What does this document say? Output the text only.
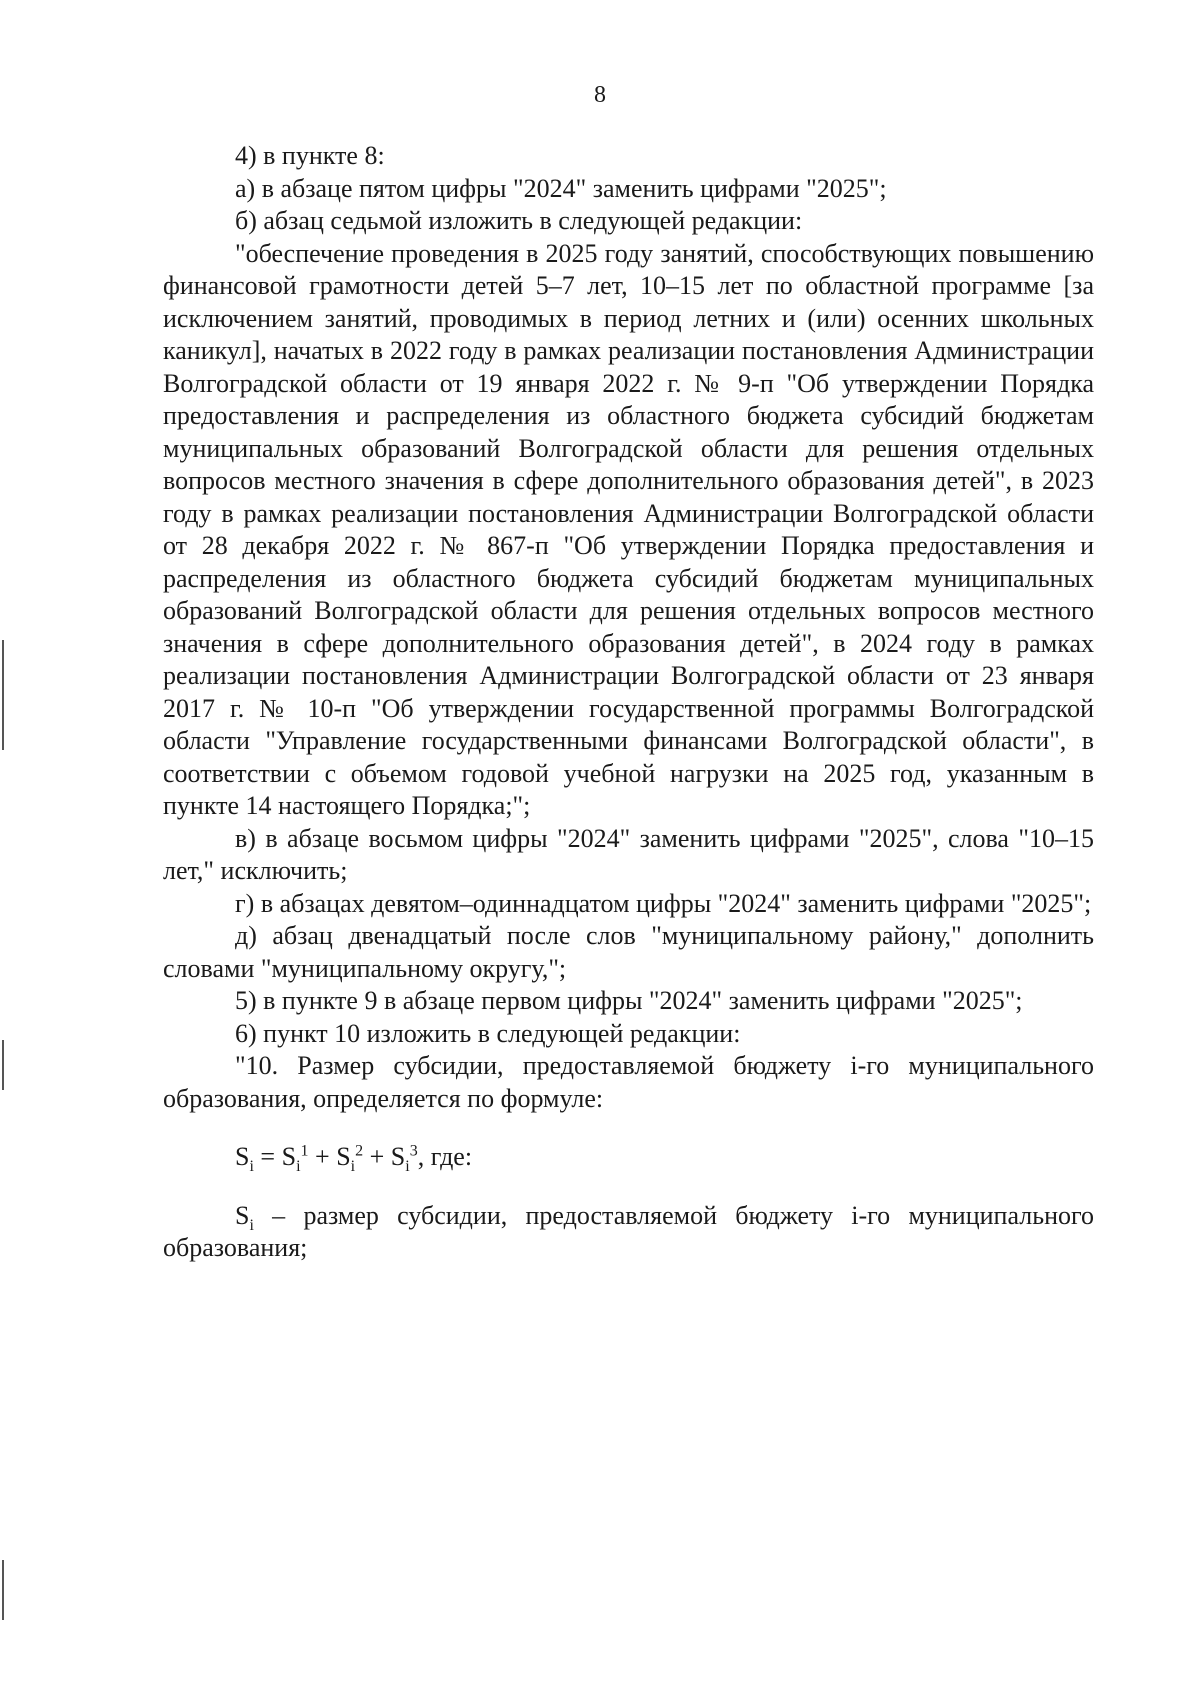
8

4) в пункте 8:

а) в абзаце пятом цифры "2024" заменить цифрами "2025";

б) абзац седьмой изложить в следующей редакции:

"обеспечение проведения в 2025 году занятий, способствующих повышению финансовой грамотности детей 5–7 лет, 10–15 лет по областной программе [за исключением занятий, проводимых в период летних и (или) осенних школьных каникул], начатых в 2022 году в рамках реализации постановления Администрации Волгоградской области от 19 января 2022 г. № 9-п "Об утверждении Порядка предоставления и распределения из областного бюджета субсидий бюджетам муниципальных образований Волгоградской области для решения отдельных вопросов местного значения в сфере дополнительного образования детей", в 2023 году в рамках реализации постановления Администрации Волгоградской области от 28 декабря 2022 г. № 867-п "Об утверждении Порядка предоставления и распределения из областного бюджета субсидий бюджетам муниципальных образований Волгоградской области для решения отдельных вопросов местного значения в сфере дополнительного образования детей", в 2024 году в рамках реализации постановления Администрации Волгоградской области от 23 января 2017 г. № 10-п "Об утверждении государственной программы Волгоградской области "Управление государственными финансами Волгоградской области", в соответствии с объемом годовой учебной нагрузки на 2025 год, указанным в пункте 14 настоящего Порядка;";

в) в абзаце восьмом цифры "2024" заменить цифрами "2025", слова "10–15 лет," исключить;

г) в абзацах девятом–одиннадцатом цифры "2024" заменить цифрами "2025";

д) абзац двенадцатый после слов "муниципальному району," дополнить словами "муниципальному округу,";

5) в пункте 9 в абзаце первом цифры "2024" заменить цифрами "2025";

6) пункт 10 изложить в следующей редакции:

"10. Размер субсидии, предоставляемой бюджету i-го муниципального образования, определяется по формуле:

$S_i = S_i^1 + S_i^2 + S_i^3$, где:

$S_i$ – размер субсидии, предоставляемой бюджету i-го муниципального образования;
